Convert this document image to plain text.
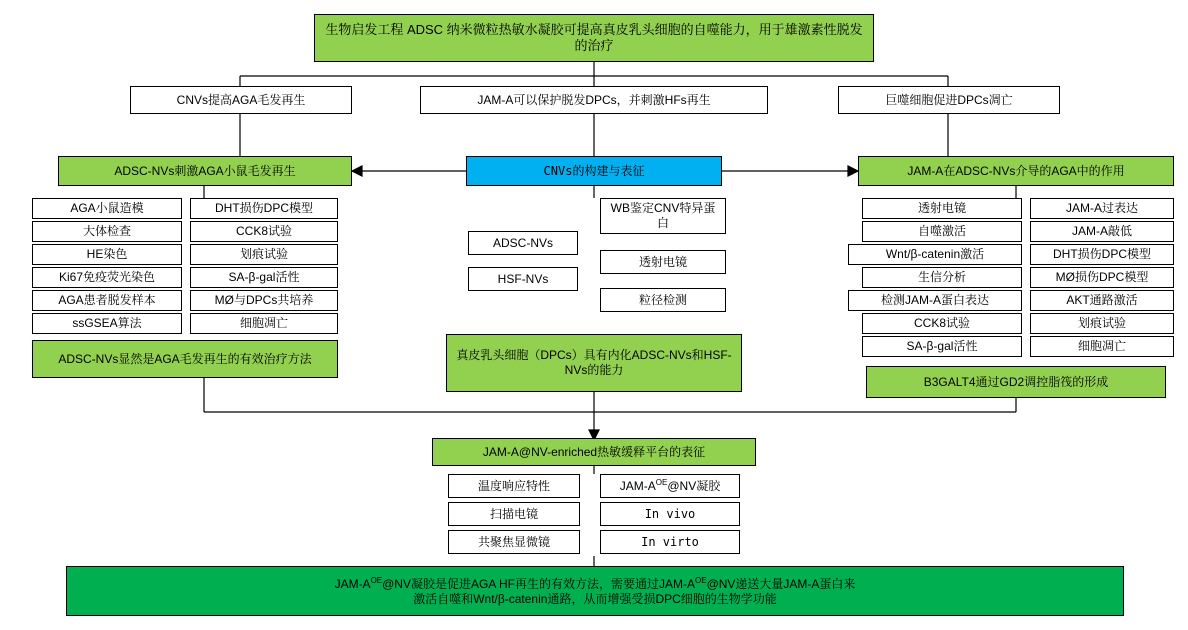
生物启发工程 ADSC 纳米微粒热敏水凝胶可提高真皮乳头细胞的自噬能力，用于雄激素性脱发的治疗
CNVs提高AGA毛发再生	JAM-A可以保护脱发DPCs，并刺激HFs再生	巨噬细胞促进DPCs凋亡
ADSC-NVs刺激AGA小鼠毛发再生	CNVs的构建与表征	JAM-A在ADSC-NVs介导的AGA中的作用
AGA小鼠造模
大体检查
HE染色
Ki67免疫荧光染色
AGA患者脱发样本
ssGSEA算法
DHT损伤DPC模型
CCK8试验
划痕试验
SA-β-gal活性
MØ与DPCs共培养
细胞凋亡
ADSC-NVs显然是AGA毛发再生的有效治疗方法
ADSC-NVs
HSF-NVs
WB鉴定CNV特异蛋白
透射电镜
粒径检测
真皮乳头细胞（DPCs）具有内化ADSC-NVs和HSF-NVs的能力
透射电镜
自噬激活
Wnt/β-catenin激活
生信分析
检测JAM-A蛋白表达
CCK8试验
SA-β-gal活性
JAM-A过表达
JAM-A敲低
DHT损伤DPC模型
MØ损伤DPC模型
AKT通路激活
划痕试验
细胞凋亡
B3GALT4通过GD2调控脂筏的形成
JAM-A@NV-enriched热敏缓释平台的表征
温度响应特性
扫描电镜
共聚焦显微镜
JAM-$A^{OE}@NV$凝胶
In vivo
In virto
JAM-$A^{OE}@NV$凝胶是促进AGA HF再生的有效方法，需要通过JAM-$A^{OE}@NV$递送大量JAM-A蛋白来
激活自噬和Wnt/β-catenin通路，从而增强受损DPC细胞的生物学功能
